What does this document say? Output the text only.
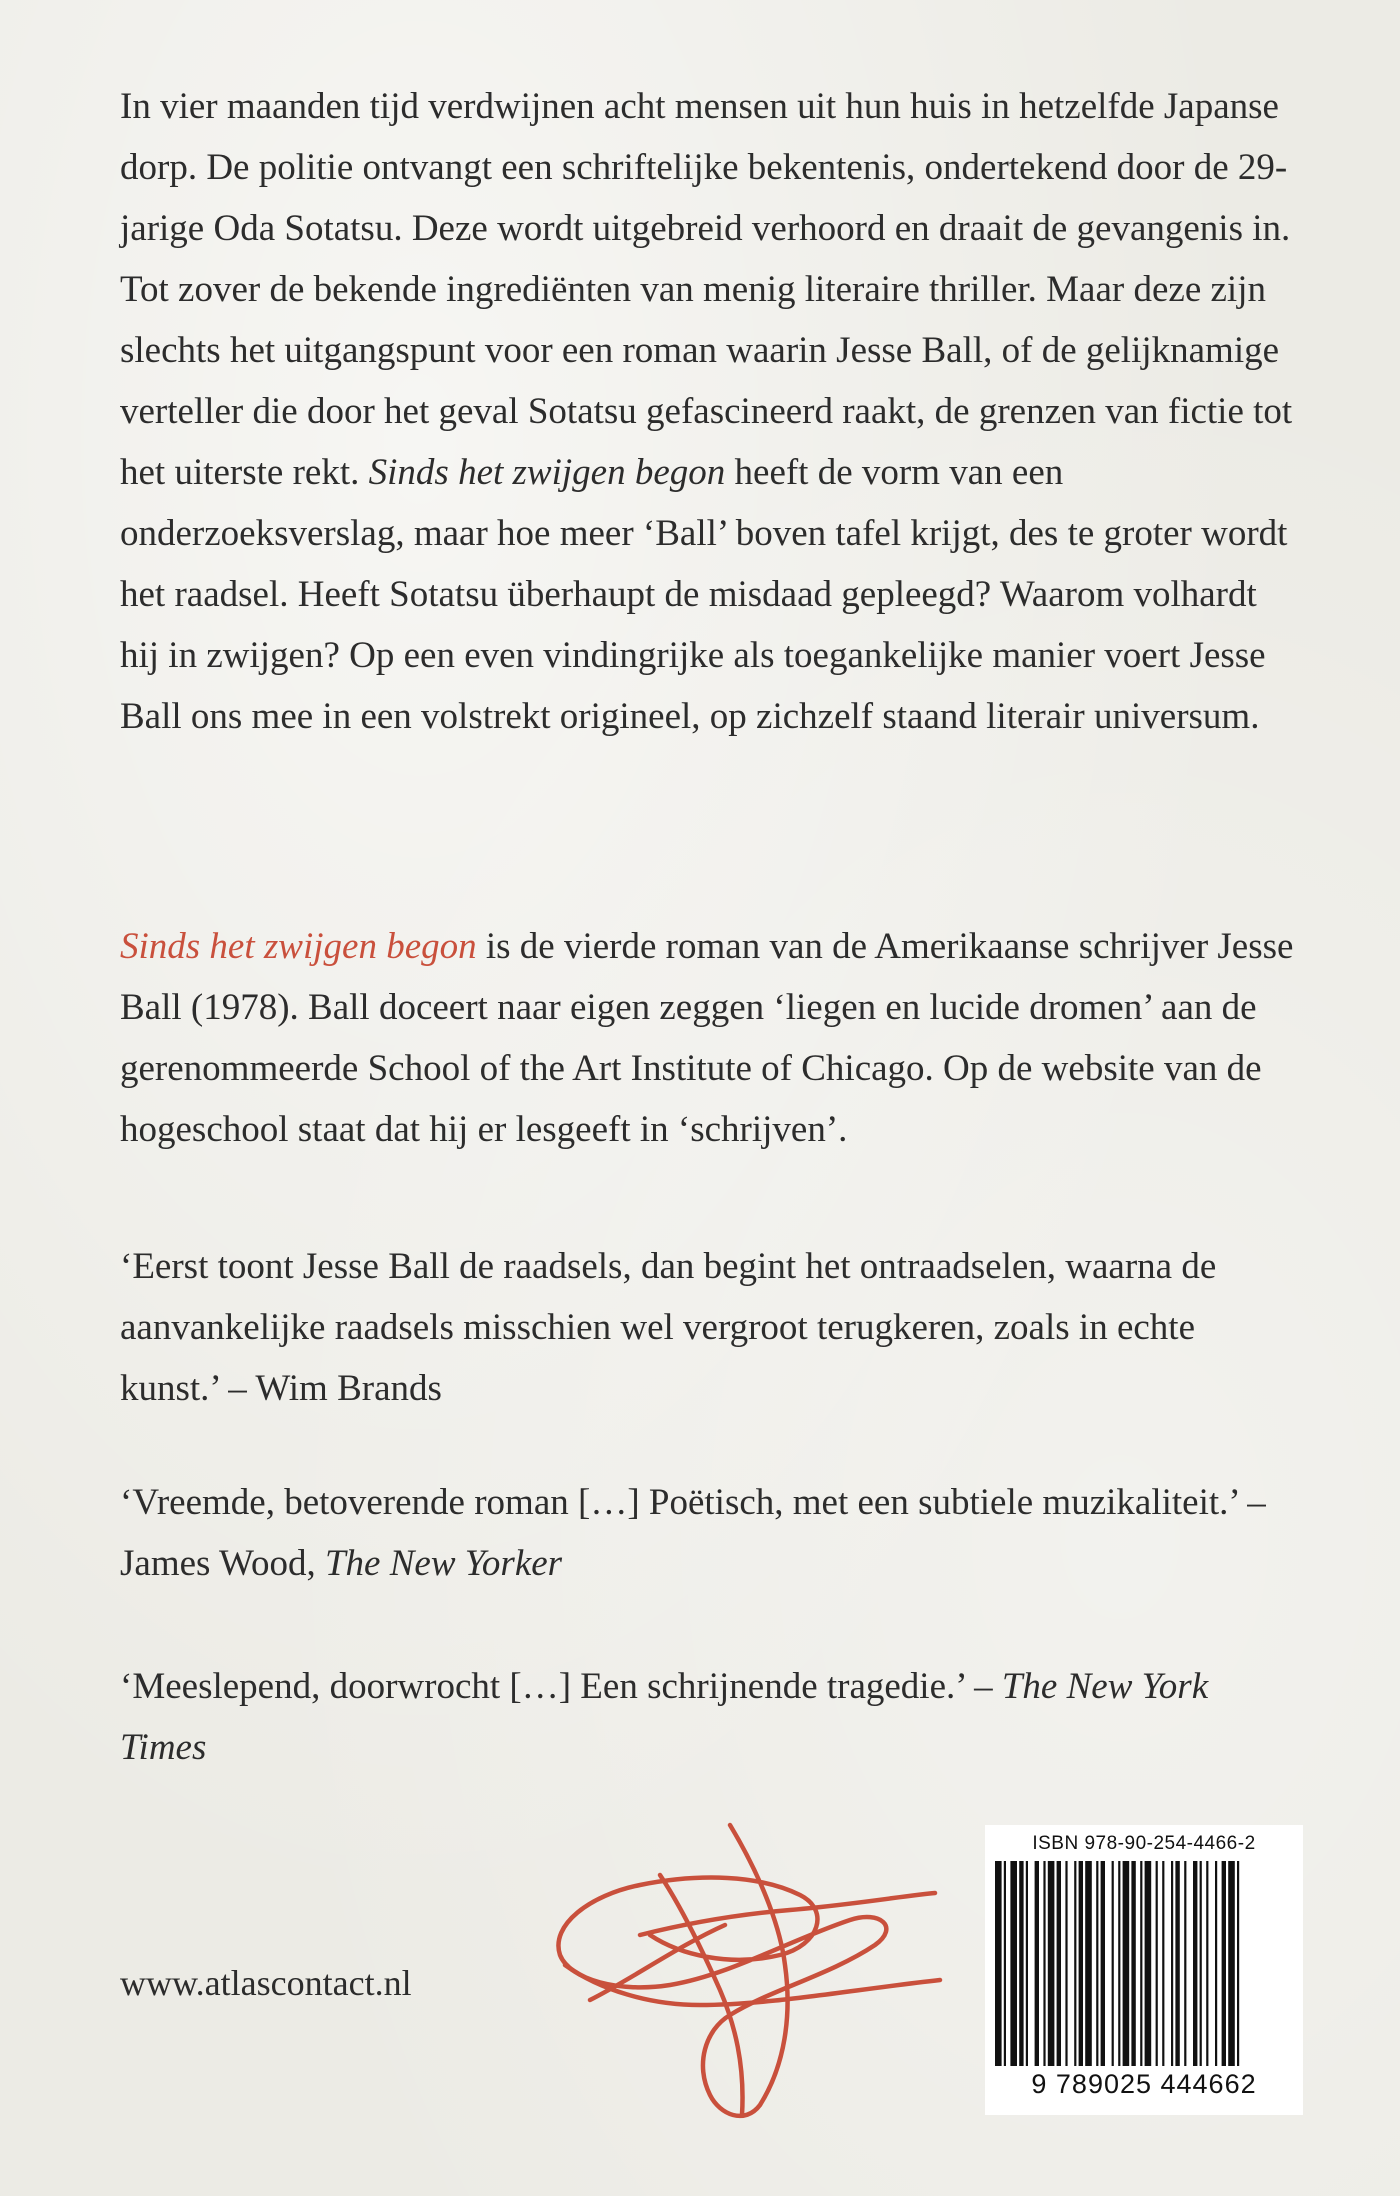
In vier maanden tijd verdwijnen acht mensen uit hun huis in hetzelfde Japanse dorp. De politie ontvangt een schriftelijke bekentenis, ondertekend door de 29-jarige Oda Sotatsu. Deze wordt uitgebreid verhoord en draait de gevangenis in. Tot zover de bekende ingrediënten van menig literaire thriller. Maar deze zijn slechts het uitgangspunt voor een roman waarin Jesse Ball, of de gelijknamige verteller die door het geval Sotatsu gefascineerd raakt, de grenzen van fictie tot het uiterste rekt. Sinds het zwijgen begon heeft de vorm van een onderzoeksverslag, maar hoe meer ‘Ball’ boven tafel krijgt, des te groter wordt het raadsel. Heeft Sotatsu überhaupt de misdaad gepleegd? Waarom volhardt hij in zwijgen? Op een even vindingrijke als toegankelijke manier voert Jesse Ball ons mee in een volstrekt origineel, op zichzelf staand literair universum.

Sinds het zwijgen begon is de vierde roman van de Amerikaanse schrijver Jesse Ball (1978). Ball doceert naar eigen zeggen ‘liegen en lucide dromen’ aan de gerenommeerde School of the Art Institute of Chicago. Op de website van de hogeschool staat dat hij er lesgeeft in ‘schrijven’.

‘Eerst toont Jesse Ball de raadsels, dan begint het ontraadselen, waarna de aanvankelijke raadsels misschien wel vergroot terugkeren, zoals in echte kunst.’ – Wim Brands

‘Vreemde, betoverende roman […] Poëtisch, met een subtiele muzikaliteit.’ – James Wood, The New Yorker

‘Meeslepend, doorwrocht […] Een schrijnende tragedie.’ – The New York Times

www.atlascontact.nl
ISBN 978-90-254-4466-2
9 789025 444662
